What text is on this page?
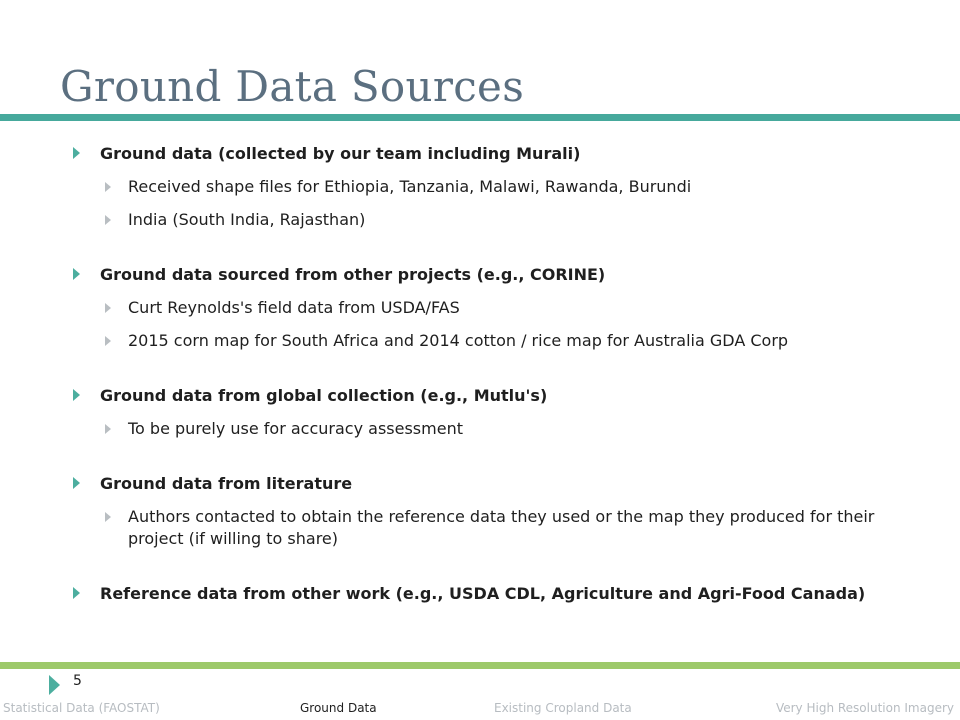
Ground Data Sources

Ground data (collected by our team including Murali)

Received shape files for Ethiopia, Tanzania, Malawi, Rawanda, Burundi

India (South India, Rajasthan)

Ground data sourced from other projects (e.g., CORINE)

Curt Reynolds's field data from USDA/FAS

2015 corn map for South Africa and 2014 cotton / rice map for Australia GDA Corp

Ground data from global collection (e.g., Mutlu's)

To be purely use for accuracy assessment

Ground data from literature

Authors contacted to obtain the reference data they used or the map they produced for their project (if willing to share)

Reference data from other work (e.g., USDA CDL, Agriculture and Agri-Food Canada)

5
Statistical Data (FAOSTAT)	Ground Data	Existing Cropland Data	Very High Resolution Imagery
